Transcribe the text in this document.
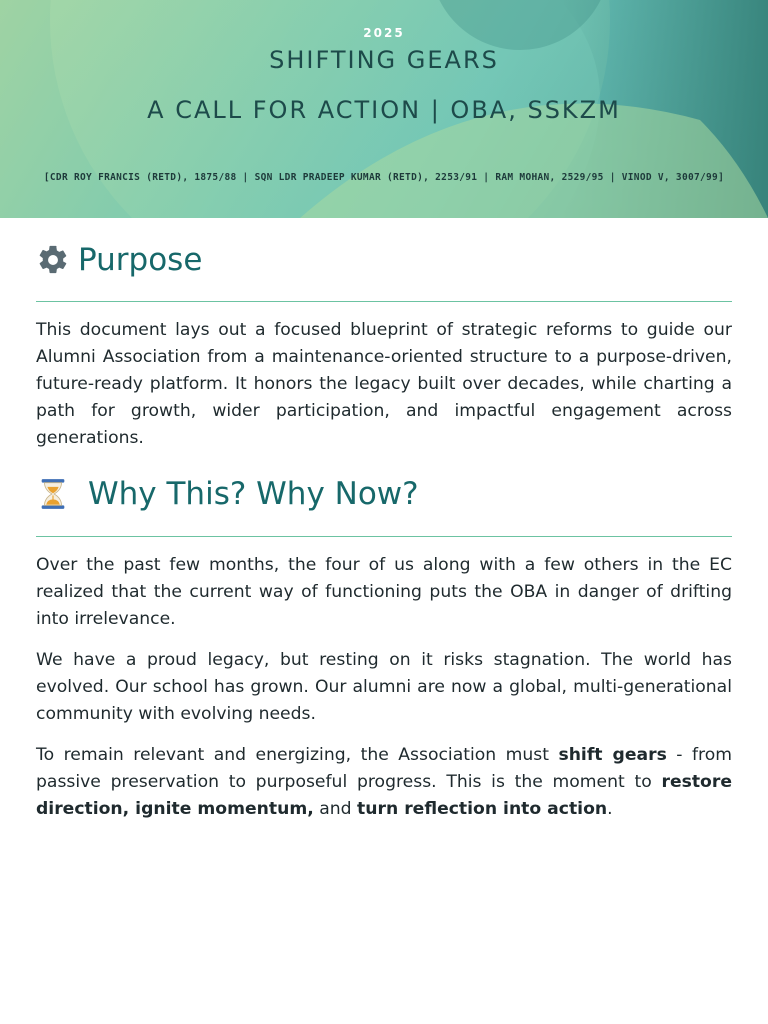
2025
SHIFTING GEARS
A CALL FOR ACTION | OBA, SSKZM
[CDR ROY FRANCIS (RETD), 1875/88 | SQN LDR PRADEEP KUMAR (RETD), 2253/91 | RAM MOHAN, 2529/95 | VINOD V, 3007/99]
Purpose

This document lays out a focused blueprint of strategic reforms to guide our Alumni Association from a maintenance-oriented structure to a purpose-driven, future-ready platform. It honors the legacy built over decades, while charting a path for growth, wider participation, and impactful engagement across generations.

Why This? Why Now?

Over the past few months, the four of us along with a few others in the EC realized that the current way of functioning puts the OBA in danger of drifting into irrelevance.

We have a proud legacy, but resting on it risks stagnation. The world has evolved. Our school has grown. Our alumni are now a global, multi-generational community with evolving needs.

To remain relevant and energizing, the Association must shift gears - from passive preservation to purposeful progress. This is the moment to restore direction, ignite momentum, and turn reflection into action.
